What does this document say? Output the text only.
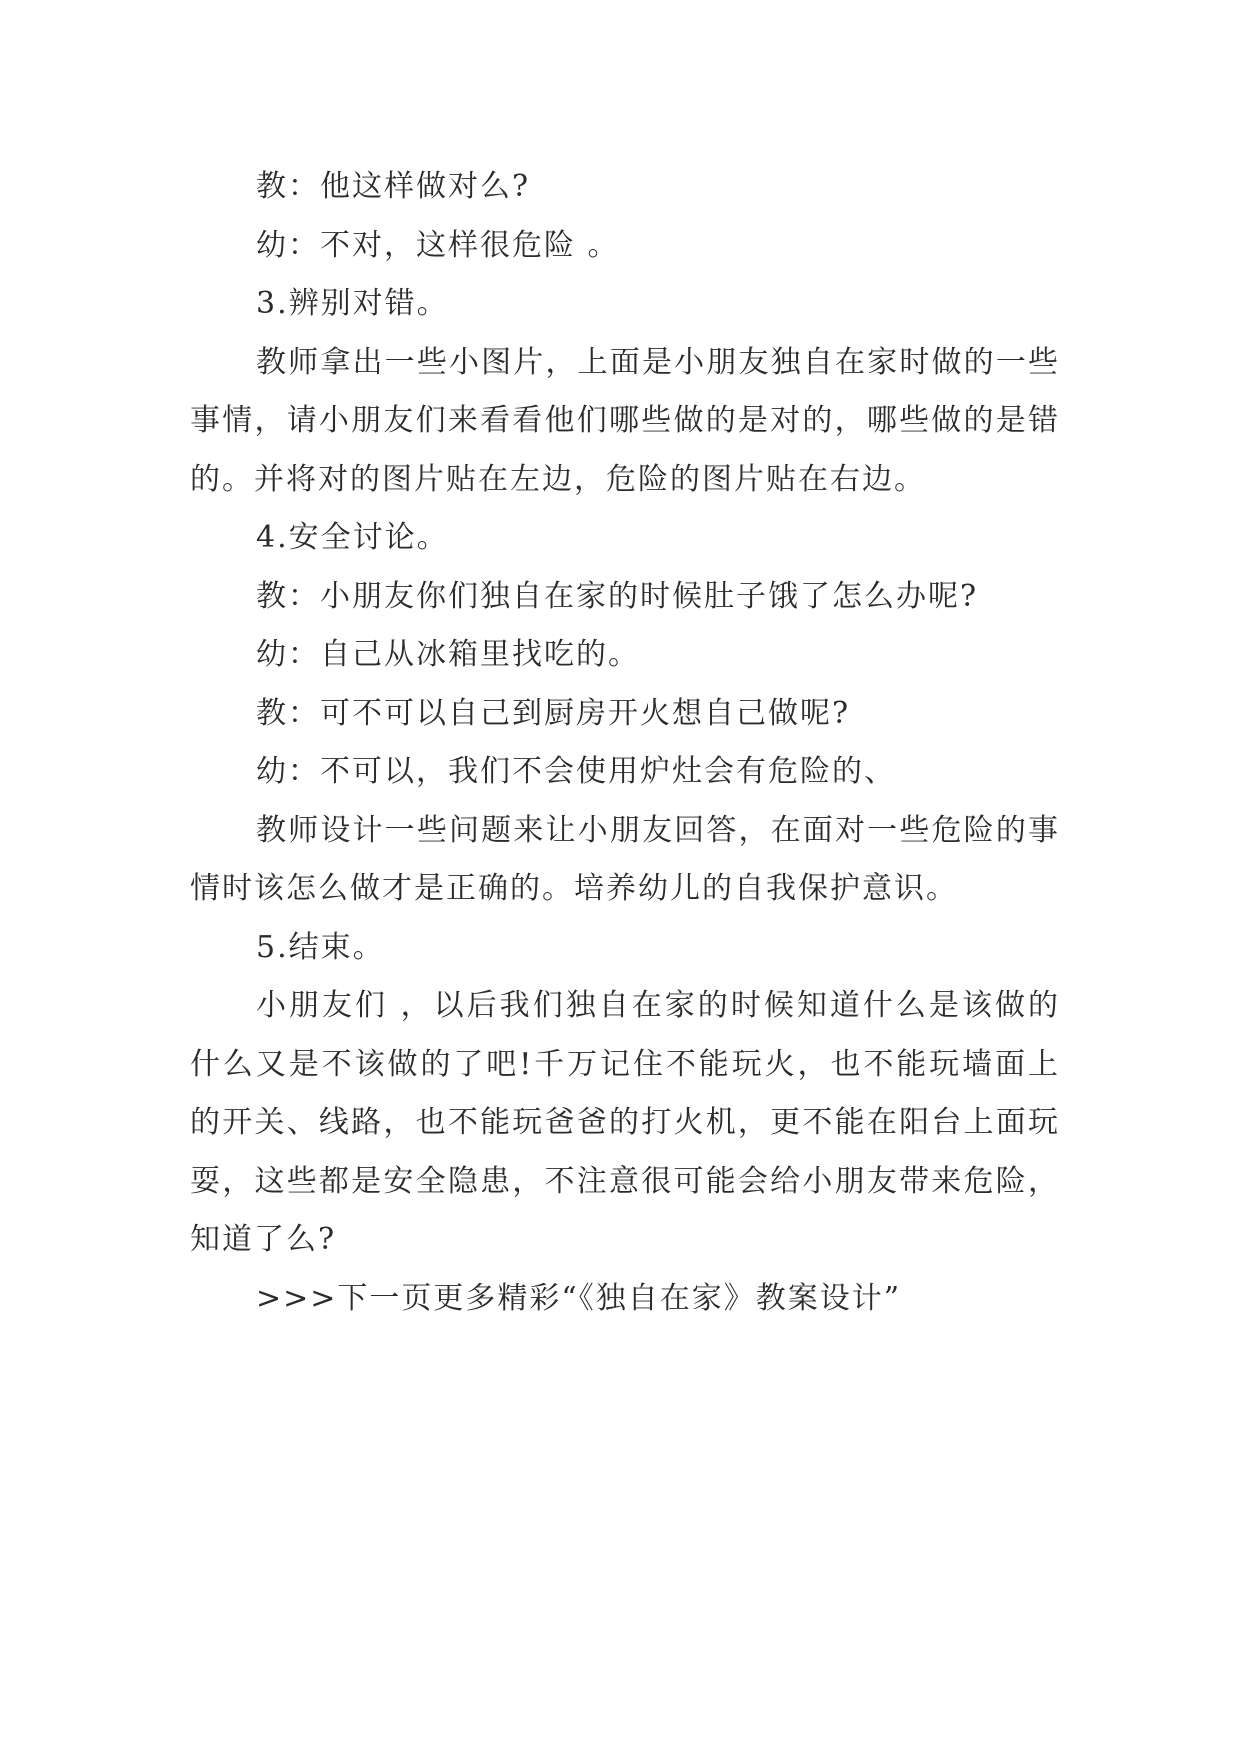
教：他这样做对么?

幼：不对，这样很危险 。

3.辨别对错。

教师拿出一些小图片，上面是小朋友独自在家时做的一些事情，请小朋友们来看看他们哪些做的是对的，哪些做的是错的。并将对的图片贴在左边，危险的图片贴在右边。

4.安全讨论。

教：小朋友你们独自在家的时候肚子饿了怎么办呢?

幼：自己从冰箱里找吃的。

教：可不可以自己到厨房开火想自己做呢?

幼：不可以，我们不会使用炉灶会有危险的、

教师设计一些问题来让小朋友回答，在面对一些危险的事情时该怎么做才是正确的。培养幼儿的自我保护意识。

5.结束。

小朋友们 ，以后我们独自在家的时候知道什么是该做的什么又是不该做的了吧!千万记住不能玩火，也不能玩墙面上的开关、线路，也不能玩爸爸的打火机，更不能在阳台上面玩耍，这些都是安全隐患，不注意很可能会给小朋友带来危险，知道了么?

>>>下一页更多精彩“《独自在家》教案设计”
